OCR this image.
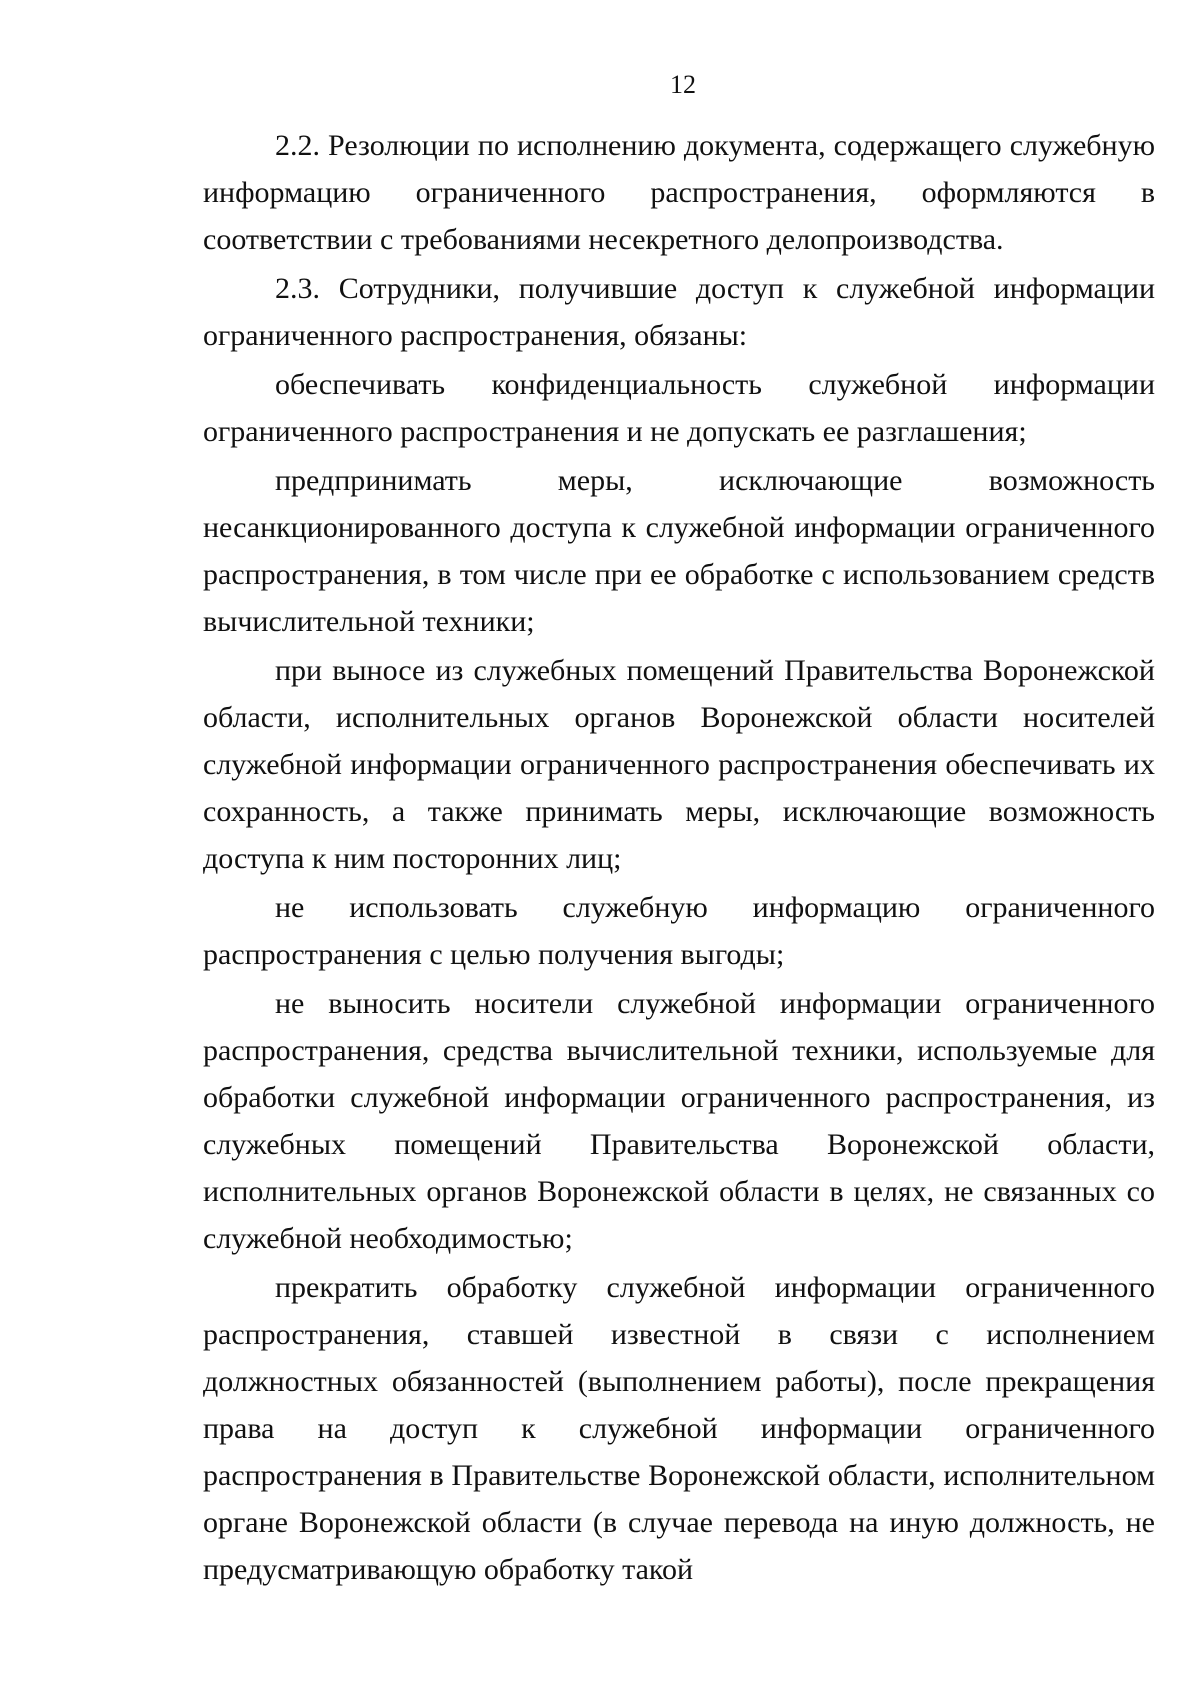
12

2.2. Резолюции по исполнению документа, содержащего служебную информацию ограниченного распространения, оформляются в соответствии с требованиями несекретного делопроизводства.

2.3. Сотрудники, получившие доступ к служебной информации ограниченного распространения, обязаны:

обеспечивать конфиденциальность служебной информации ограниченного распространения и не допускать ее разглашения;

предпринимать меры, исключающие возможность несанкционированного доступа к служебной информации ограниченного распространения, в том числе при ее обработке с использованием средств вычислительной техники;

при выносе из служебных помещений Правительства Воронежской области, исполнительных органов Воронежской области носителей служебной информации ограниченного распространения обеспечивать их сохранность, а также принимать меры, исключающие возможность доступа к ним посторонних лиц;

не использовать служебную информацию ограниченного распространения с целью получения выгоды;

не выносить носители служебной информации ограниченного распространения, средства вычислительной техники, используемые для обработки служебной информации ограниченного распространения, из служебных помещений Правительства Воронежской области, исполнительных органов Воронежской области в целях, не связанных со служебной необходимостью;

прекратить обработку служебной информации ограниченного распространения, ставшей известной в связи с исполнением должностных обязанностей (выполнением работы), после прекращения права на доступ к служебной информации ограниченного распространения в Правительстве Воронежской области, исполнительном органе Воронежской области (в случае перевода на иную должность, не предусматривающую обработку такой
